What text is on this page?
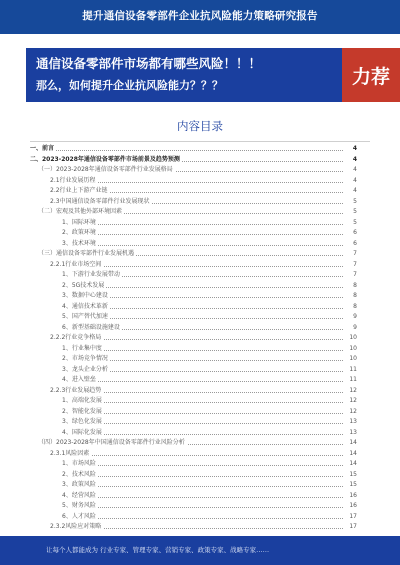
提升通信设备零部件企业抗风险能力策略研究报告
通信设备零部件市场都有哪些风险！！！
那么，如何提升企业抗风险能力？？？	力荐
内容目录
一、前言	4
二、2023-2028年通信设备零部件市场前景及趋势预测	4
（一）2023-2028年通信设备零部件行业发展格局	4
2.1行业发展历程	4
2.2行业上下游产业链	4
2.3中国通信设备零部件行业发展现状	5
（二）宏观及其他外部环境因素	5
1、国际环境	5
2、政策环境	6
3、技术环境	6
（三）通信设备零部件行业发展机遇	7
2.2.1行业市场空间	7
1、下游行业发展带动	7
2、5G技术发展	8
3、数据中心建设	8
4、通信技术革新	8
5、国产替代加速	9
6、新型基础设施建设	9
2.2.2行业竞争格局	10
1、行业集中度	10
2、市场竞争情况	10
3、龙头企业分析	11
4、进入壁垒	11
2.2.3行业发展趋势	12
1、高端化发展	12
2、智能化发展	12
3、绿色化发展	13
4、国际化发展	13
（四）2023-2028年中国通信设备零部件行业风险分析	14
2.3.1风险因素	14
1、市场风险	14
2、技术风险	15
3、政策风险	15
4、经营风险	16
5、财务风险	16
6、人才风险	17
2.3.2风险应对策略	17
让每个人都能成为 行业专家、管理专家、营销专家、政策专家、战略专家……
